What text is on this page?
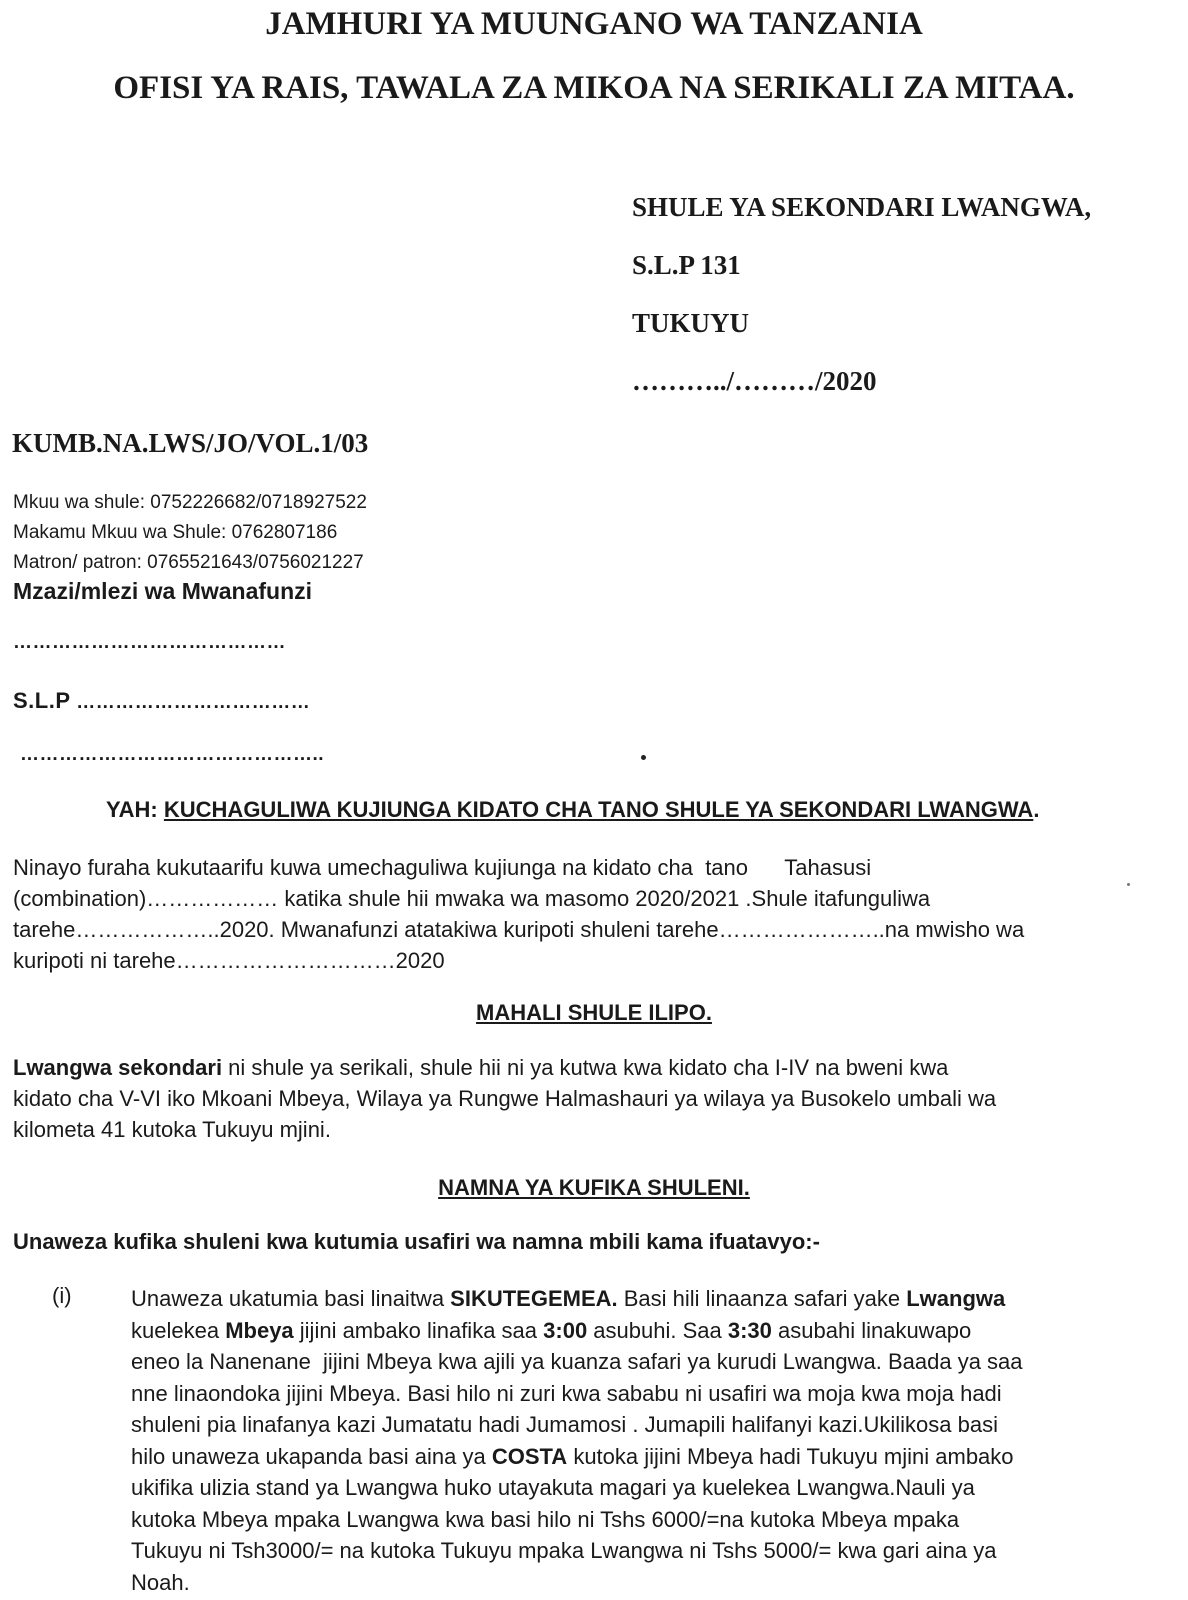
JAMHURI YA MUUNGANO WA TANZANIA
OFISI YA RAIS, TAWALA ZA MIKOA NA SERIKALI ZA MITAA.
SHULE YA SEKONDARI LWANGWA,
S.L.P 131
TUKUYU
………../………/2020
KUMB.NA.LWS/JO/VOL.1/03
Mkuu wa shule: 0752226682/0718927522
Makamu Mkuu wa Shule: 0762807186
Matron/ patron: 0765521643/0756021227
Mzazi/mlezi wa Mwanafunzi
……………………………………
S.L.P ………………………………
………………………………………..
YAH: KUCHAGULIWA KUJIUNGA KIDATO CHA TANO SHULE YA SEKONDARI LWANGWA.
Ninayo furaha kukutaarifu kuwa umechaguliwa kujiunga na kidato cha  tano      Tahasusi
(combination)……………… katika shule hii mwaka wa masomo 2020/2021 .Shule itafunguliwa
tarehe………………..2020. Mwanafunzi atatakiwa kuripoti shuleni tarehe…………………..na mwisho wa
kuripoti ni tarehe…………………………2020
MAHALI SHULE ILIPO.
Lwangwa sekondari ni shule ya serikali, shule hii ni ya kutwa kwa kidato cha I-IV na bweni kwa
kidato cha V-VI iko Mkoani Mbeya, Wilaya ya Rungwe Halmashauri ya wilaya ya Busokelo umbali wa
kilometa 41 kutoka Tukuyu mjini.
NAMNA YA KUFIKA SHULENI.
Unaweza kufika shuleni kwa kutumia usafiri wa namna mbili kama ifuatavyo:-
(i)	Unaweza ukatumia basi linaitwa SIKUTEGEMEA. Basi hili linaanza safari yake Lwangwa
kuelekea Mbeya jijini ambako linafika saa 3:00 asubuhi. Saa 3:30 asubahi linakuwapo
eneo la Nanenane  jijini Mbeya kwa ajili ya kuanza safari ya kurudi Lwangwa. Baada ya saa
nne linaondoka jijini Mbeya. Basi hilo ni zuri kwa sababu ni usafiri wa moja kwa moja hadi
shuleni pia linafanya kazi Jumatatu hadi Jumamosi . Jumapili halifanyi kazi.Ukilikosa basi
hilo unaweza ukapanda basi aina ya COSTA kutoka jijini Mbeya hadi Tukuyu mjini ambako
ukifika ulizia stand ya Lwangwa huko utayakuta magari ya kuelekea Lwangwa.Nauli ya
kutoka Mbeya mpaka Lwangwa kwa basi hilo ni Tshs 6000/=na kutoka Mbeya mpaka
Tukuyu ni Tsh3000/= na kutoka Tukuyu mpaka Lwangwa ni Tshs 5000/= kwa gari aina ya
Noah.
